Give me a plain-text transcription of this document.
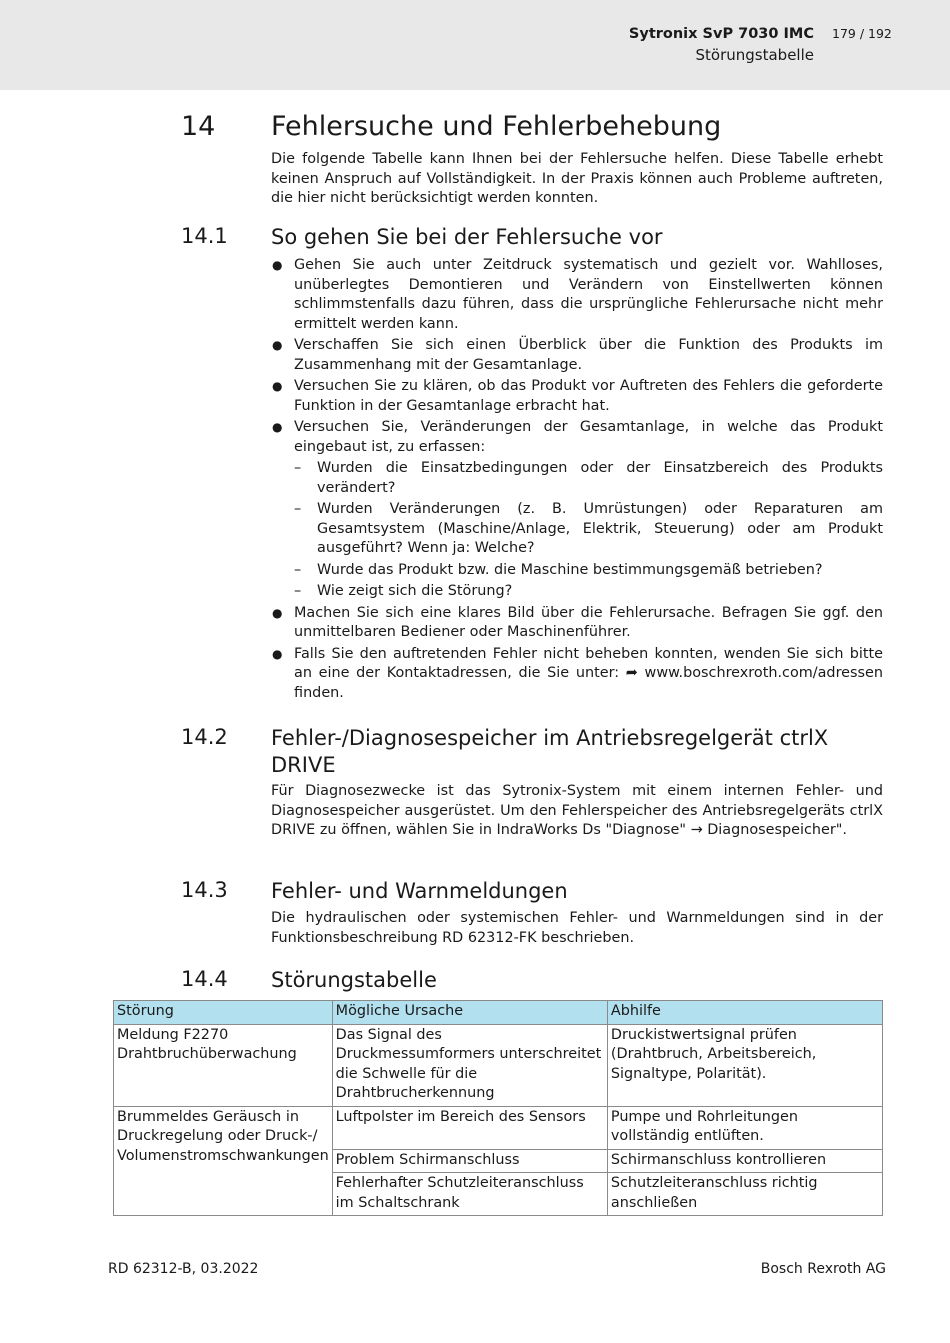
Sytronix SvP 7030 IMC
Störungstabelle
179 / 192
14 Fehlersuche und Fehlerbehebung

Die folgende Tabelle kann Ihnen bei der Fehlersuche helfen. Diese Tabelle erhebt keinen Anspruch auf Vollständigkeit. In der Praxis können auch Probleme auftreten, die hier nicht berücksichtigt werden konnten.

14.1 So gehen Sie bei der Fehlersuche vor
● Gehen Sie auch unter Zeitdruck systematisch und gezielt vor. Wahlloses, unüberlegtes Demontieren und Verändern von Einstellwerten können schlimmstenfalls dazu führen, dass die ursprüngliche Fehlerursache nicht mehr ermittelt werden kann.
● Verschaffen Sie sich einen Überblick über die Funktion des Produkts im Zusammenhang mit der Gesamtanlage.
● Versuchen Sie zu klären, ob das Produkt vor Auftreten des Fehlers die geforderte Funktion in der Gesamtanlage erbracht hat.
● Versuchen Sie, Veränderungen der Gesamtanlage, in welche das Produkt eingebaut ist, zu erfassen:
– Wurden die Einsatzbedingungen oder der Einsatzbereich des Produkts verändert?
– Wurden Veränderungen (z. B. Umrüstungen) oder Reparaturen am Gesamtsystem (Maschine/Anlage, Elektrik, Steuerung) oder am Produkt ausgeführt? Wenn ja: Welche?
– Wurde das Produkt bzw. die Maschine bestimmungsgemäß betrieben?
– Wie zeigt sich die Störung?
● Machen Sie sich eine klares Bild über die Fehlerursache. Befragen Sie ggf. den unmittelbaren Bediener oder Maschinenführer.
● Falls Sie den auftretenden Fehler nicht beheben konnten, wenden Sie sich bitte an eine der Kontaktadressen, die Sie unter: ➦ www.boschrexroth.com/adressen finden.
14.2 Fehler-/Diagnosespeicher im Antriebsregelgerät ctrlX DRIVE

Für Diagnosezwecke ist das Sytronix-System mit einem internen Fehler- und Diagnosespeicher ausgerüstet. Um den Fehlerspeicher des Antriebsregelgeräts ctrlX DRIVE zu öffnen, wählen Sie in IndraWorks Ds "Diagnose" → Diagnosespeicher".

14.3 Fehler- und Warnmeldungen

Die hydraulischen oder systemischen Fehler- und Warnmeldungen sind in der Funktionsbeschreibung RD 62312-FK beschrieben.

14.4 Störungstabelle
Störung	Mögliche Ursache	Abhilfe
Meldung F2270 Drahtbruchüberwachung	Das Signal des Druckmessumformers unterschreitet die Schwelle für die Drahtbrucherkennung	Druckistwertsignal prüfen (Drahtbruch, Arbeitsbereich, Signaltype, Polarität).
Brummeldes Geräusch in Druckregelung oder Druck-/ Volumenstromschwankungen	Luftpolster im Bereich des Sensors	Pumpe und Rohrleitungen vollständig entlüften.
	Problem Schirmanschluss	Schirmanschluss kontrollieren
	Fehlerhafter Schutzleiteranschluss im Schaltschrank	Schutzleiteranschluss richtig anschließen
RD 62312-B, 03.2022	Bosch Rexroth AG
